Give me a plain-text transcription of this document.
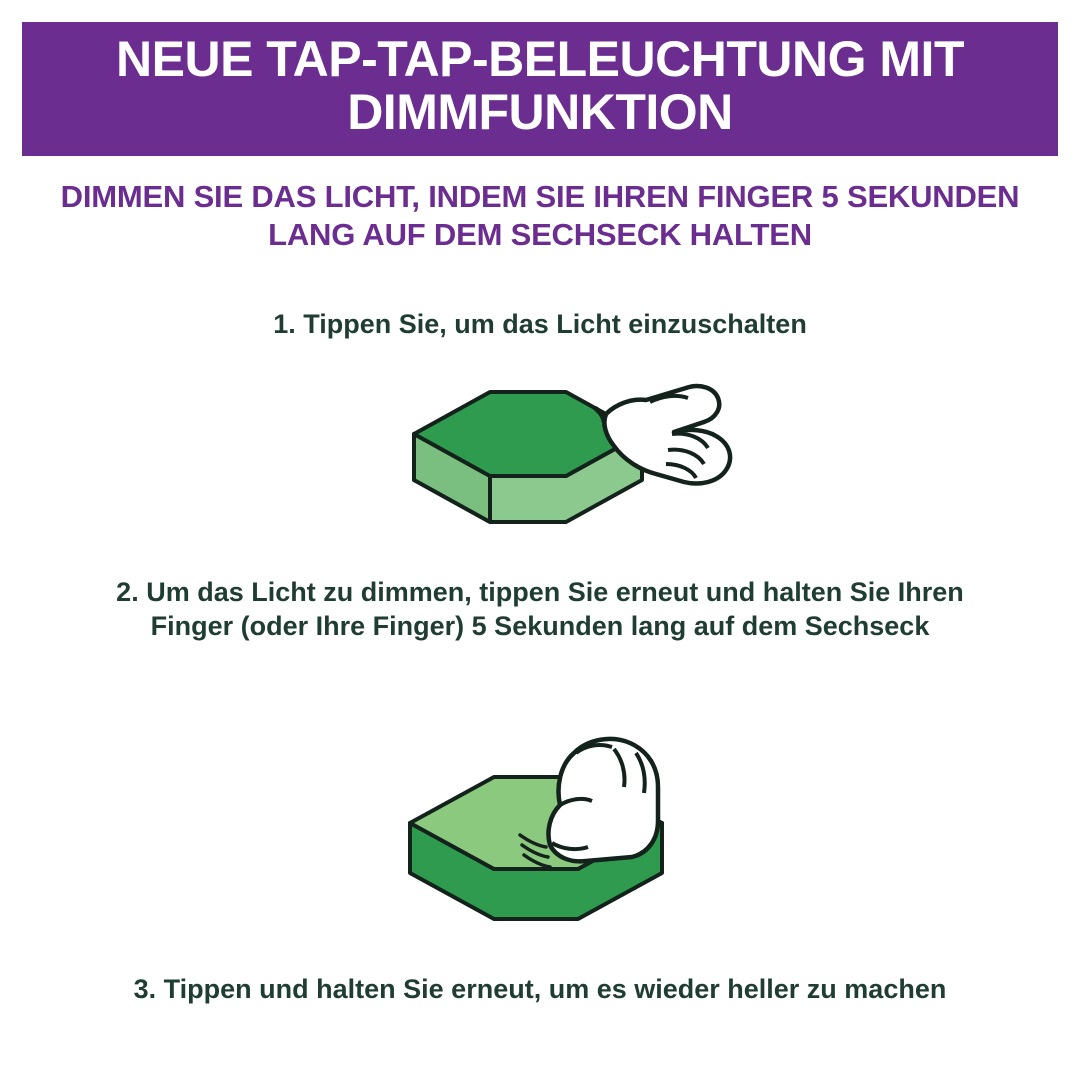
NEUE TAP-TAP-BELEUCHTUNG MIT DIMMFUNKTION
DIMMEN SIE DAS LICHT, INDEM SIE IHREN FINGER 5 SEKUNDEN LANG AUF DEM SECHSECK HALTEN
1. Tippen Sie, um das Licht einzuschalten
2. Um das Licht zu dimmen, tippen Sie erneut und halten Sie Ihren Finger (oder Ihre Finger) 5 Sekunden lang auf dem Sechseck
3. Tippen und halten Sie erneut, um es wieder heller zu machen
